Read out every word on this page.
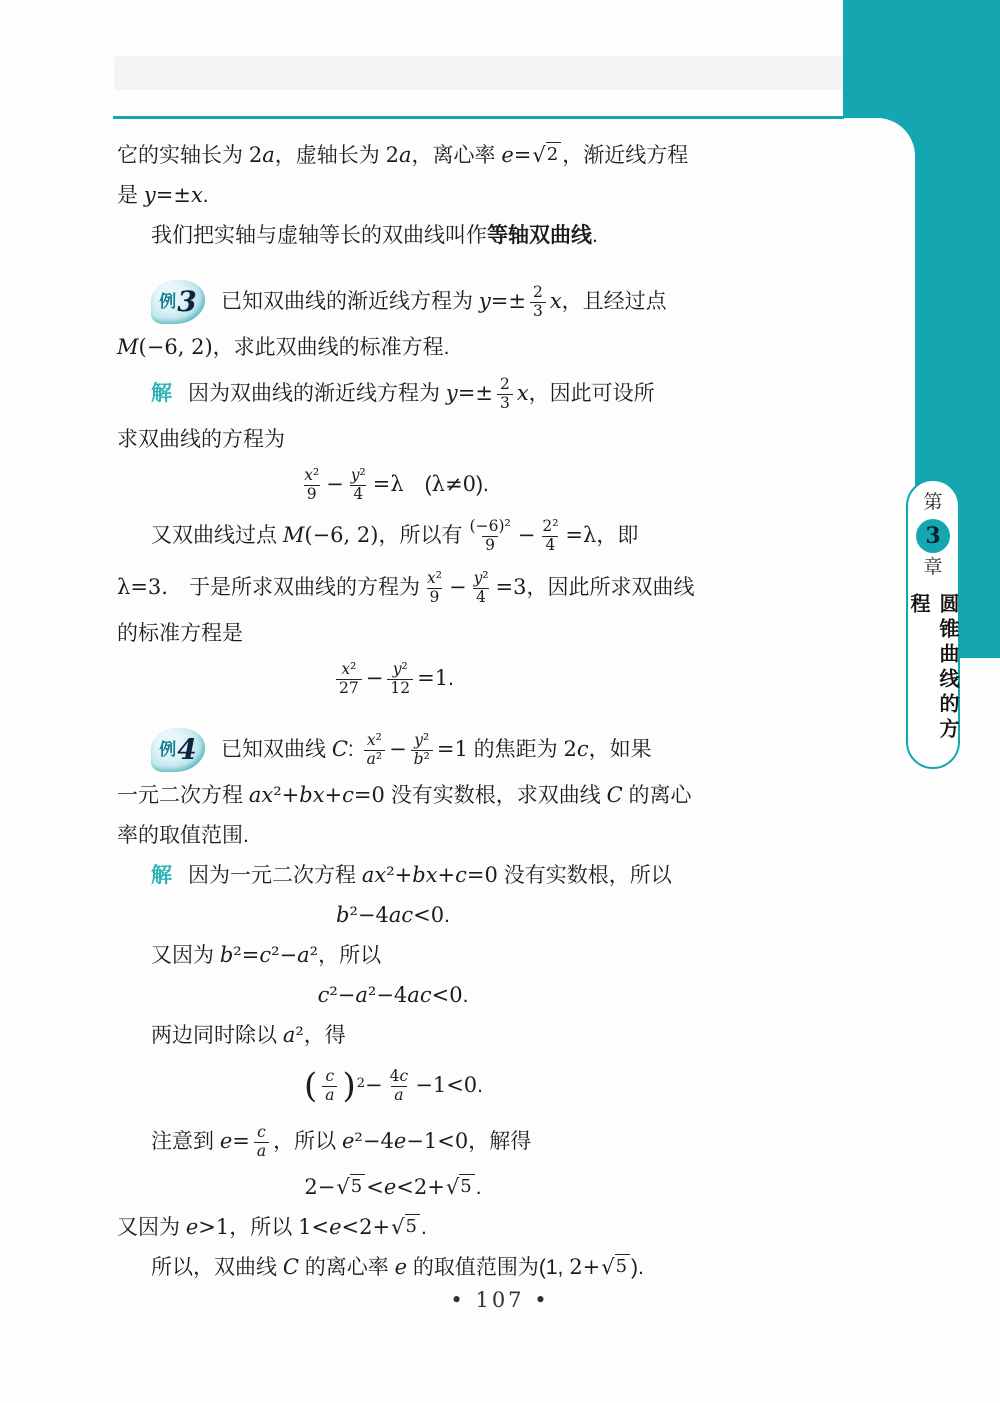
第
3
章
圆锥曲线的方程
它的实轴长为 2a ，虚轴长为 2a ，离心率 e= √ 2 ，渐近线方程
是 y=±x .
我们把实轴与虚轴等长的双曲线叫作 等轴双曲线 .
例 3 已知双曲线的渐近线方程为 $y=\pm \frac{2}{3}$ x ，且经过点
M(−6, 2) ，求此双曲线的标准方程.
解 因为双曲线的渐近线方程为 $y=\pm \frac{2}{3}$ x ，因此可设所
求双曲线的方程为
$\frac{\text{x²}}{9} - \frac{\text{y²}}{4} =\lambda$ 　( λ≠0 ).
又双曲线过点 M(−6, 2) ，所以有 $\frac{\text{(−6)²}}{9} - \frac{\text{2²}}{4} =\lambda$ ，即
λ=3. 　于是所求双曲线的方程为 $\frac{\text{x²}}{9} - \frac{\text{y²}}{4} =3$ ，因此所求双曲线
的标准方程是
$\frac{\text{x²}}{27} - \frac{\text{y²}}{12} =1$ .
例 4 已知双曲线 C : $\frac{\text{x²}}{\text{a²}} - \frac{\text{y²}}{\text{b²}} =1$ 的焦距为 2c ，如果
一元二次方程 ax²+bx+c=0 没有实数根，求双曲线 C 的离心
率的取值范围.
解 因为一元二次方程 ax²+bx+c=0 没有实数根，所以
b²−4ac<0 .
又因为 b²=c²−a² ，所以
c²−a²−4ac<0 .
两边同时除以 a² ，得
( $\frac{c}{a}$ ) $2 - \frac{4c}{a} -1<0$ .
注意到 $e= \frac{c}{a}$ ，所以 e²−4e−1<0 ，解得
2− √ 5 <e<2+ √ 5 .
又因为 e>1 ，所以 1<e<2+ √ 5 .
所以，双曲线 C 的离心率 e 的取值范围为(1, 2+ √ 5 ).
• 107 •
